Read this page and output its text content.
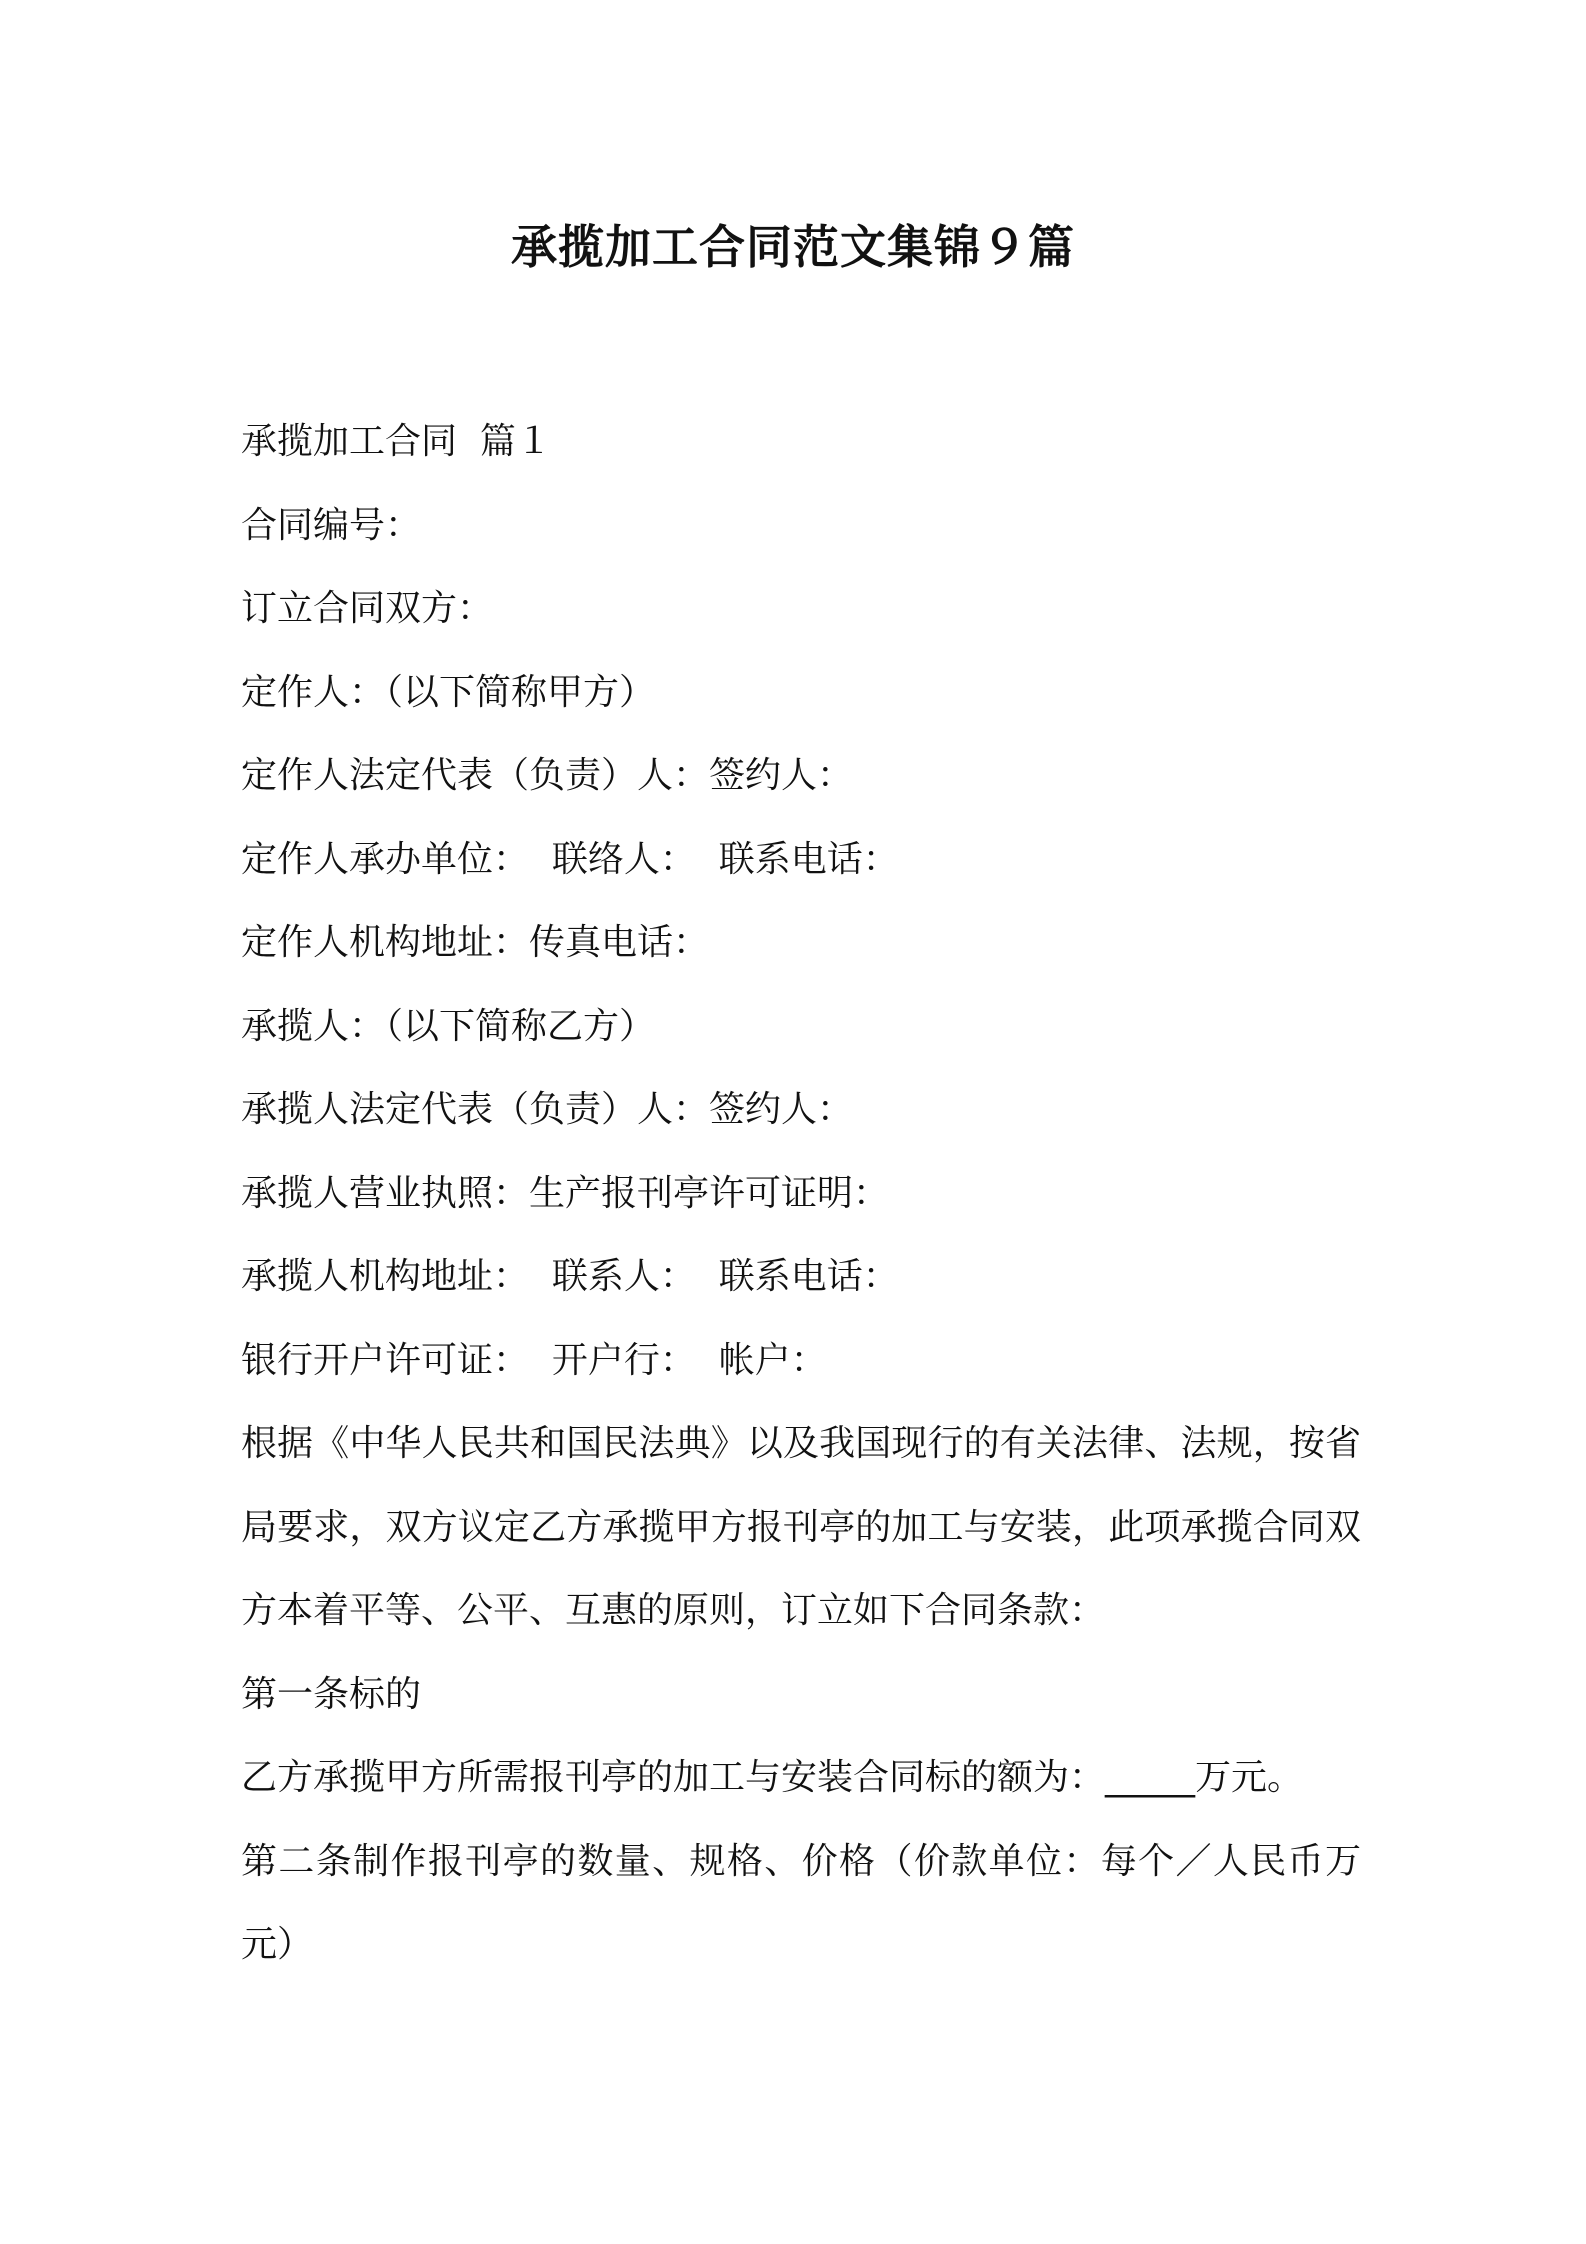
承揽加工合同范文集锦９篇

承揽加工合同  篇１

合同编号：

订立合同双方：

定作人：（以下简称甲方）

定作人法定代表（负责）人：签约人：

定作人承办单位：  联络人：  联系电话：

定作人机构地址：传真电话：

承揽人：（以下简称乙方）

承揽人法定代表（负责）人：签约人：

承揽人营业执照：生产报刊亭许可证明：

承揽人机构地址：  联系人：  联系电话：

银行开户许可证：  开户行：  帐户：

根据《中华人民共和国民法典》以及我国现行的有关法律、法规，按省局要求，双方议定乙方承揽甲方报刊亭的加工与安装，此项承揽合同双方本着平等、公平、互惠的原则，订立如下合同条款：

第一条标的

乙方承揽甲方所需报刊亭的加工与安装合同标的额为：_____万元。

第二条制作报刊亭的数量、规格、价格（价款单位：每个／人民币万元）
